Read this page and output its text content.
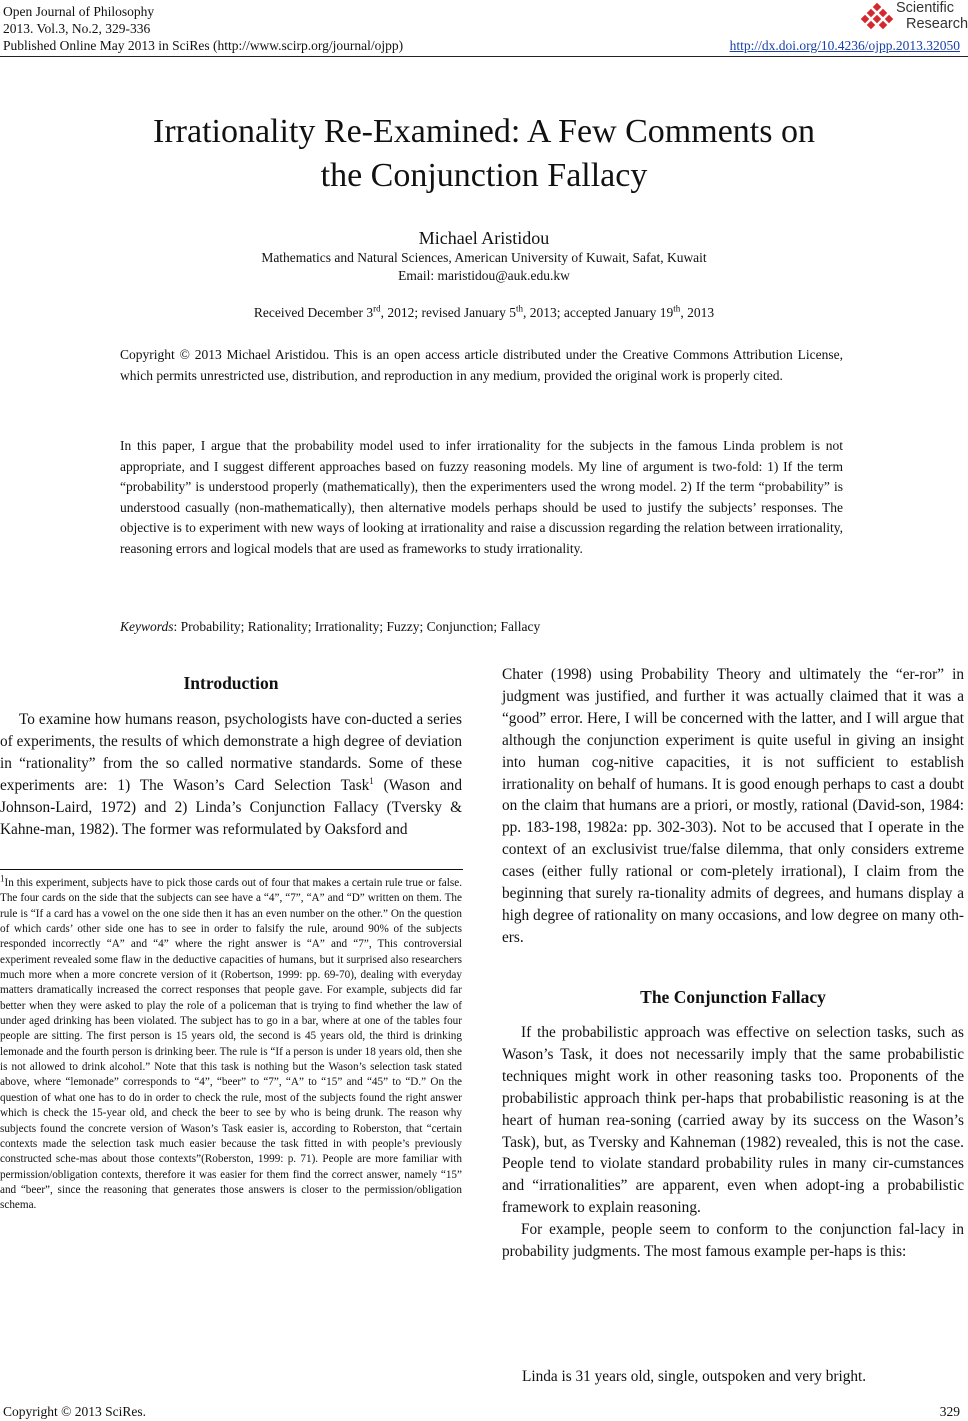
Open Journal of Philosophy
2013. Vol.3, No.2, 329-336
Published Online May 2013 in SciRes (http://www.scirp.org/journal/ojpp)
Scientific
Research
http://dx.doi.org/10.4236/ojpp.2013.32050
Irrationality Re-Examined: A Few Comments on
the Conjunction Fallacy
Michael Aristidou
Mathematics and Natural Sciences, American University of Kuwait, Safat, Kuwait
Email: maristidou@auk.edu.kw
Received December 3rd, 2012; revised January 5th, 2013; accepted January 19th, 2013
Copyright © 2013 Michael Aristidou. This is an open access article distributed under the Creative Commons Attribution License, which permits unrestricted use, distribution, and reproduction in any medium, provided the original work is properly cited.
In this paper, I argue that the probability model used to infer irrationality for the subjects in the famous Linda problem is not appropriate, and I suggest different approaches based on fuzzy reasoning models. My line of argument is two-fold: 1) If the term “probability” is understood properly (mathematically), then the experimenters used the wrong model. 2) If the term “probability” is understood casually (non-mathematically), then alternative models perhaps should be used to justify the subjects’ responses. The objective is to experiment with new ways of looking at irrationality and raise a discussion regarding the relation between irrationality, reasoning errors and logical models that are used as frameworks to study irrationality.
Keywords: Probability; Rationality; Irrationality; Fuzzy; Conjunction; Fallacy
Introduction

To examine how humans reason, psychologists have con-ducted a series of experiments, the results of which demonstrate a high degree of deviation in “rationality” from the so called normative standards. Some of these experiments are: 1) The Wason’s Card Selection Task$^1$ (Wason and Johnson-Laird, 1972) and 2) Linda’s Conjunction Fallacy (Tversky & Kahne-man, 1982). The former was reformulated by Oaksford and

$^1$In this experiment, subjects have to pick those cards out of four that makes a certain rule true or false. The four cards on the side that the subjects can see have a “4”, “7”, “A” and “D” written on them. The rule is “If a card has a vowel on the one side then it has an even number on the other.” On the question of which cards’ other side one has to see in order to falsify the rule, around 90% of the subjects responded incorrectly “A” and “4” where the right answer is “A” and “7”, This controversial experiment revealed some flaw in the deductive capacities of humans, but it surprised also researchers much more when a more concrete version of it (Robertson, 1999: pp. 69-70), dealing with everyday matters dramatically increased the correct responses that people gave. For example, subjects did far better when they were asked to play the role of a policeman that is trying to find whether the law of under aged drinking has been violated. The subject has to go in a bar, where at one of the tables four people are sitting. The first person is 15 years old, the second is 45 years old, the third is drinking lemonade and the fourth person is drinking beer. The rule is “If a person is under 18 years old, then she is not allowed to drink alcohol.” Note that this task is nothing but the Wason’s selection task stated above, where “lemonade” corresponds to “4”, “beer” to “7”, “A” to “15” and “45” to “D.” On the question of what one has to do in order to check the rule, most of the subjects found the right answer which is check the 15-year old, and check the beer to see by who is being drunk. The reason why subjects found the concrete version of Wason’s Task easier is, according to Roberston, that “certain contexts made the selection task much easier because the task fitted in with people’s previously constructed sche-mas about those contexts”(Roberston, 1999: p. 71). People are more familiar with permission/obligation contexts, therefore it was easier for them find the correct answer, namely “15” and “beer”, since the reasoning that generates those answers is closer to the permission/obligation schema.

Chater (1998) using Probability Theory and ultimately the “er-ror” in judgment was justified, and further it was actually claimed that it was a “good” error. Here, I will be concerned with the latter, and I will argue that although the conjunction experiment is quite useful in giving an insight into human cog-nitive capacities, it is not sufficient to establish irrationality on behalf of humans. It is good enough perhaps to cast a doubt on the claim that humans are a priori, or mostly, rational (David-son, 1984: pp. 183-198, 1982a: pp. 302-303). Not to be accused that I operate in the context of an exclusivist true/false dilemma, that only considers extreme cases (either fully rational or com-pletely irrational), I claim from the beginning that surely ra-tionality admits of degrees, and humans display a high degree of rationality on many occasions, and low degree on many oth-ers.

The Conjunction Fallacy

If the probabilistic approach was effective on selection tasks, such as Wason’s Task, it does not necessarily imply that the same probabilistic techniques might work in other reasoning tasks too. Proponents of the probabilistic approach think per-haps that probabilistic reasoning is at the heart of human rea-soning (carried away by its success on the Wason’s Task), but, as Tversky and Kahneman (1982) revealed, this is not the case. People tend to violate standard probability rules in many cir-cumstances and “irrationalities” are apparent, even when adopt-ing a probabilistic framework to explain reasoning.

For example, people seem to conform to the conjunction fal-lacy in probability judgments. The most famous example per-haps is this:

Linda is 31 years old, single, outspoken and very bright.
Copyright © 2013 SciRes.	329
